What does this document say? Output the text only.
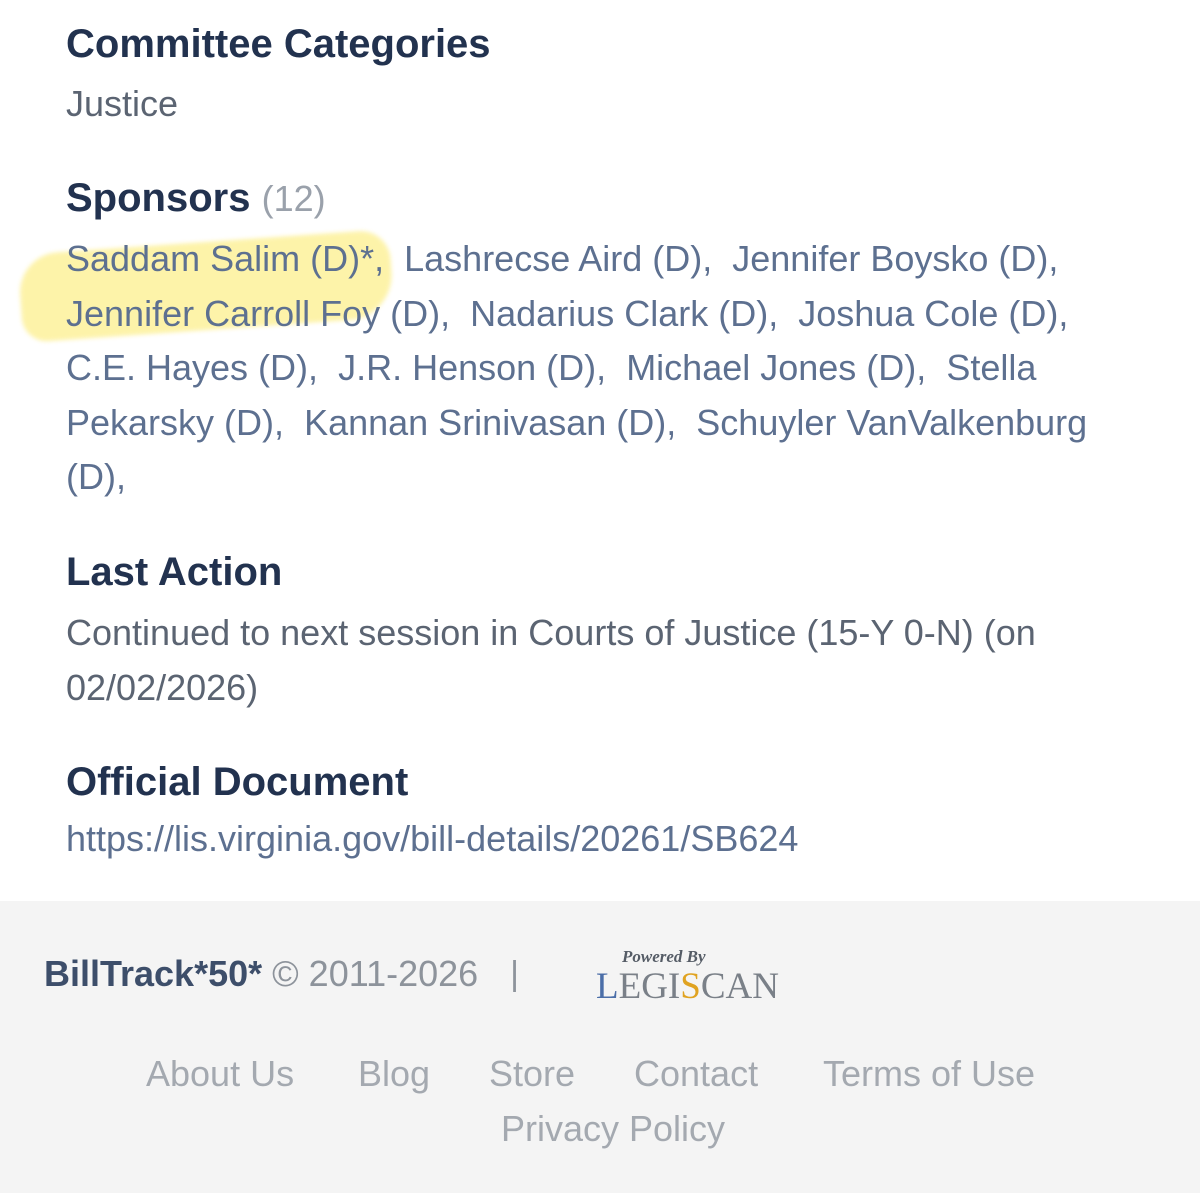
Committee Categories

Justice

Sponsors (12)

Saddam Salim (D)*, Lashrecse Aird (D), Jennifer Boysko (D),  Jennifer Carroll Foy (D), Nadarius Clark (D), Joshua Cole (D),  C.E. Hayes (D), J.R. Henson (D), Michael Jones (D), Stella Pekarsky (D), Kannan Srinivasan (D), Schuyler VanValkenburg (D),

Last Action

Continued to next session in Courts of Justice (15-Y 0-N) (on 02/02/2026)

Official Document
https://lis.virginia.gov/bill-details/20261/SB624
BillTrack*50* © 2011-2026 |	Powered By
LEGISCAN
About Us Blog Store Contact Terms of Use
Privacy Policy
